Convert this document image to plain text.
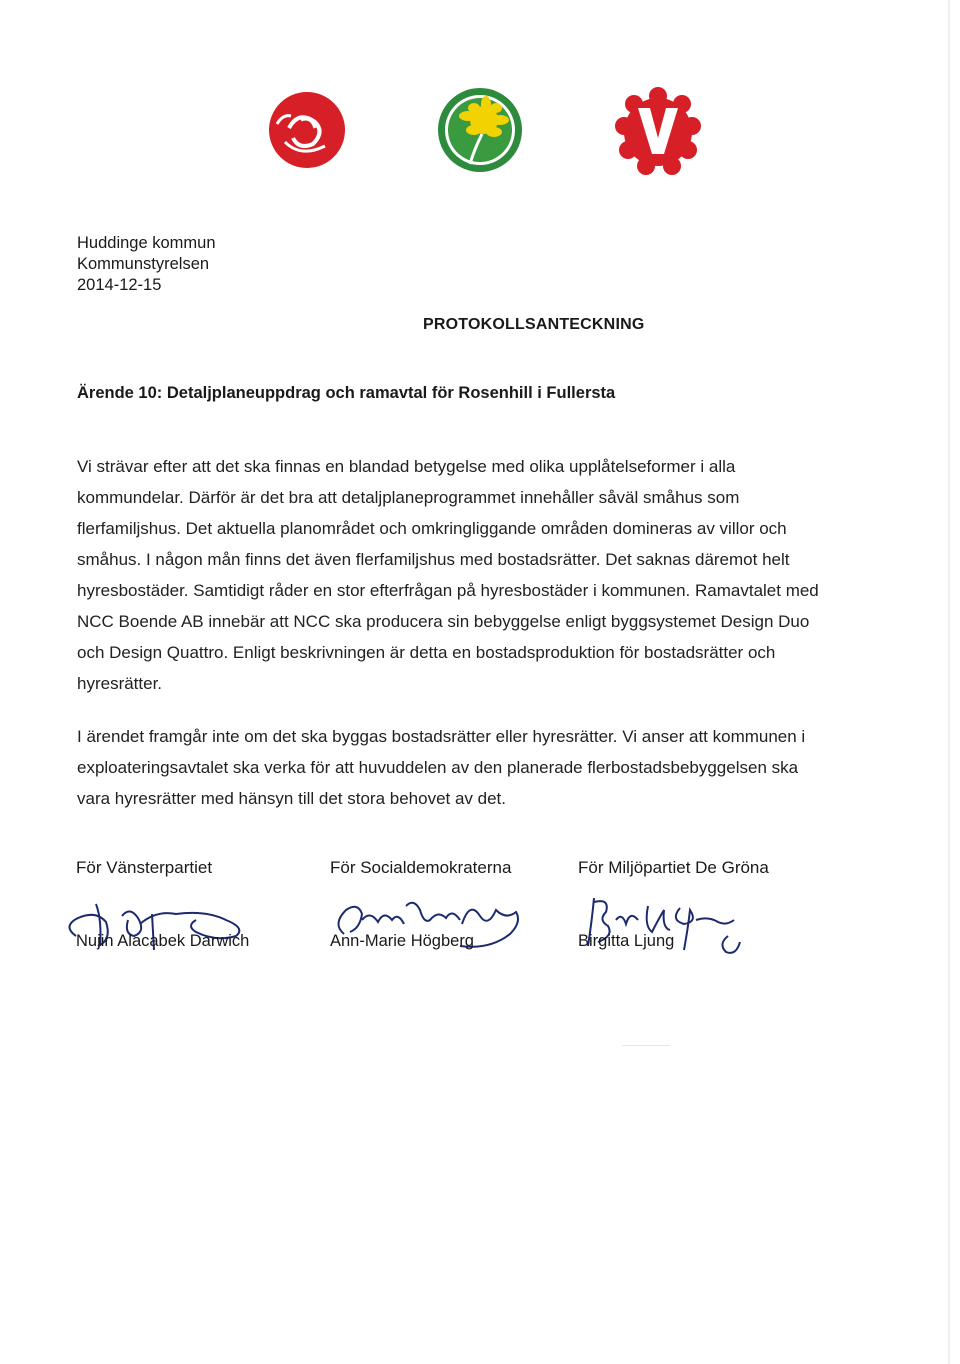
Huddinge kommun
Kommunstyrelsen
2014-12-15
PROTOKOLLSANTECKNING
Ärende 10: Detaljplaneuppdrag och ramavtal för Rosenhill i Fullersta
Vi strävar efter att det ska finnas en blandad betygelse med olika upplåtelseformer i alla
kommundelar. Därför är det bra att detaljplaneprogrammet innehåller såväl småhus som
flerfamiljshus. Det aktuella planområdet och omkringliggande områden domineras av villor och
småhus. I någon mån finns det även flerfamiljshus med bostadsrätter. Det saknas däremot helt
hyresbostäder. Samtidigt råder en stor efterfrågan på hyresbostäder i kommunen. Ramavtalet med
NCC Boende AB innebär att NCC ska producera sin bebyggelse enligt byggsystemet Design Duo
och Design Quattro. Enligt beskrivningen är detta en bostadsproduktion för bostadsrätter och
hyresrätter.
I ärendet framgår inte om det ska byggas bostadsrätter eller hyresrätter. Vi anser att kommunen i
exploateringsavtalet ska verka för att huvuddelen av den planerade flerbostadsbebyggelsen ska
vara hyresrätter med hänsyn till det stora behovet av det.
För Vänsterpartiet
Nujin Alacabek Darwich
För Socialdemokraterna
Ann-Marie Högberg
För Miljöpartiet De Gröna
Birgitta Ljung
